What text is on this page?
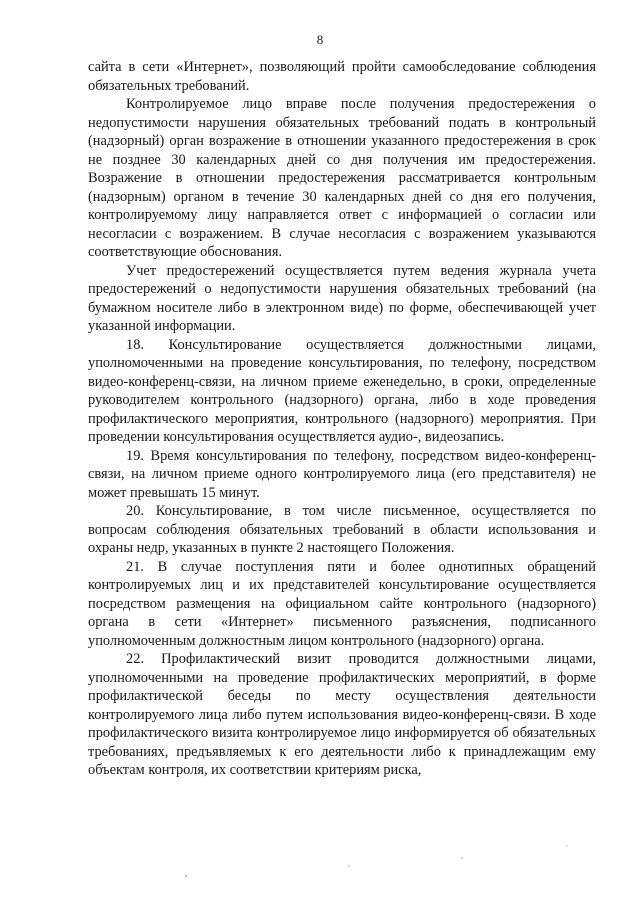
8

сайта в сети «Интернет», позволяющий пройти самообследование соблюдения обязательных требований.

Контролируемое лицо вправе после получения предостережения о недопустимости нарушения обязательных требований подать в контрольный (надзорный) орган возражение в отношении указанного предостережения в срок не позднее 30 календарных дней со дня получения им предостережения. Возражение в отношении предостережения рассматривается контрольным (надзорным) органом в течение 30 календарных дней со дня его получения, контролируемому лицу направляется ответ с информацией о согласии или несогласии с возражением. В случае несогласия с возражением указываются соответствующие обоснования.

Учет предостережений осуществляется путем ведения журнала учета предостережений о недопустимости нарушения обязательных требований (на бумажном носителе либо в электронном виде) по форме, обеспечивающей учет указанной информации.

18. Консультирование осуществляется должностными лицами, уполномоченными на проведение консультирования, по телефону, посредством видео-конференц-связи, на личном приеме еженедельно, в сроки, определенные руководителем контрольного (надзорного) органа, либо в ходе проведения профилактического мероприятия, контрольного (надзорного) мероприятия. При проведении консультирования осуществляется аудио-, видеозапись.

19. Время консультирования по телефону, посредством видео-конференц-связи, на личном приеме одного контролируемого лица (его представителя) не может превышать 15 минут.

20. Консультирование, в том числе письменное, осуществляется по вопросам соблюдения обязательных требований в области использования и охраны недр, указанных в пункте 2 настоящего Положения.

21. В случае поступления пяти и более однотипных обращений контролируемых лиц и их представителей консультирование осуществляется посредством размещения на официальном сайте контрольного (надзорного) органа в сети «Интернет» письменного разъяснения, подписанного уполномоченным должностным лицом контрольного (надзорного) органа.

22. Профилактический визит проводится должностными лицами, уполномоченными на проведение профилактических мероприятий, в форме профилактической беседы по месту осуществления деятельности контролируемого лица либо путем использования видео-конференц-связи. В ходе профилактического визита контролируемое лицо информируется об обязательных требованиях, предъявляемых к его деятельности либо к принадлежащим ему объектам контроля, их соответствии критериям риска,
